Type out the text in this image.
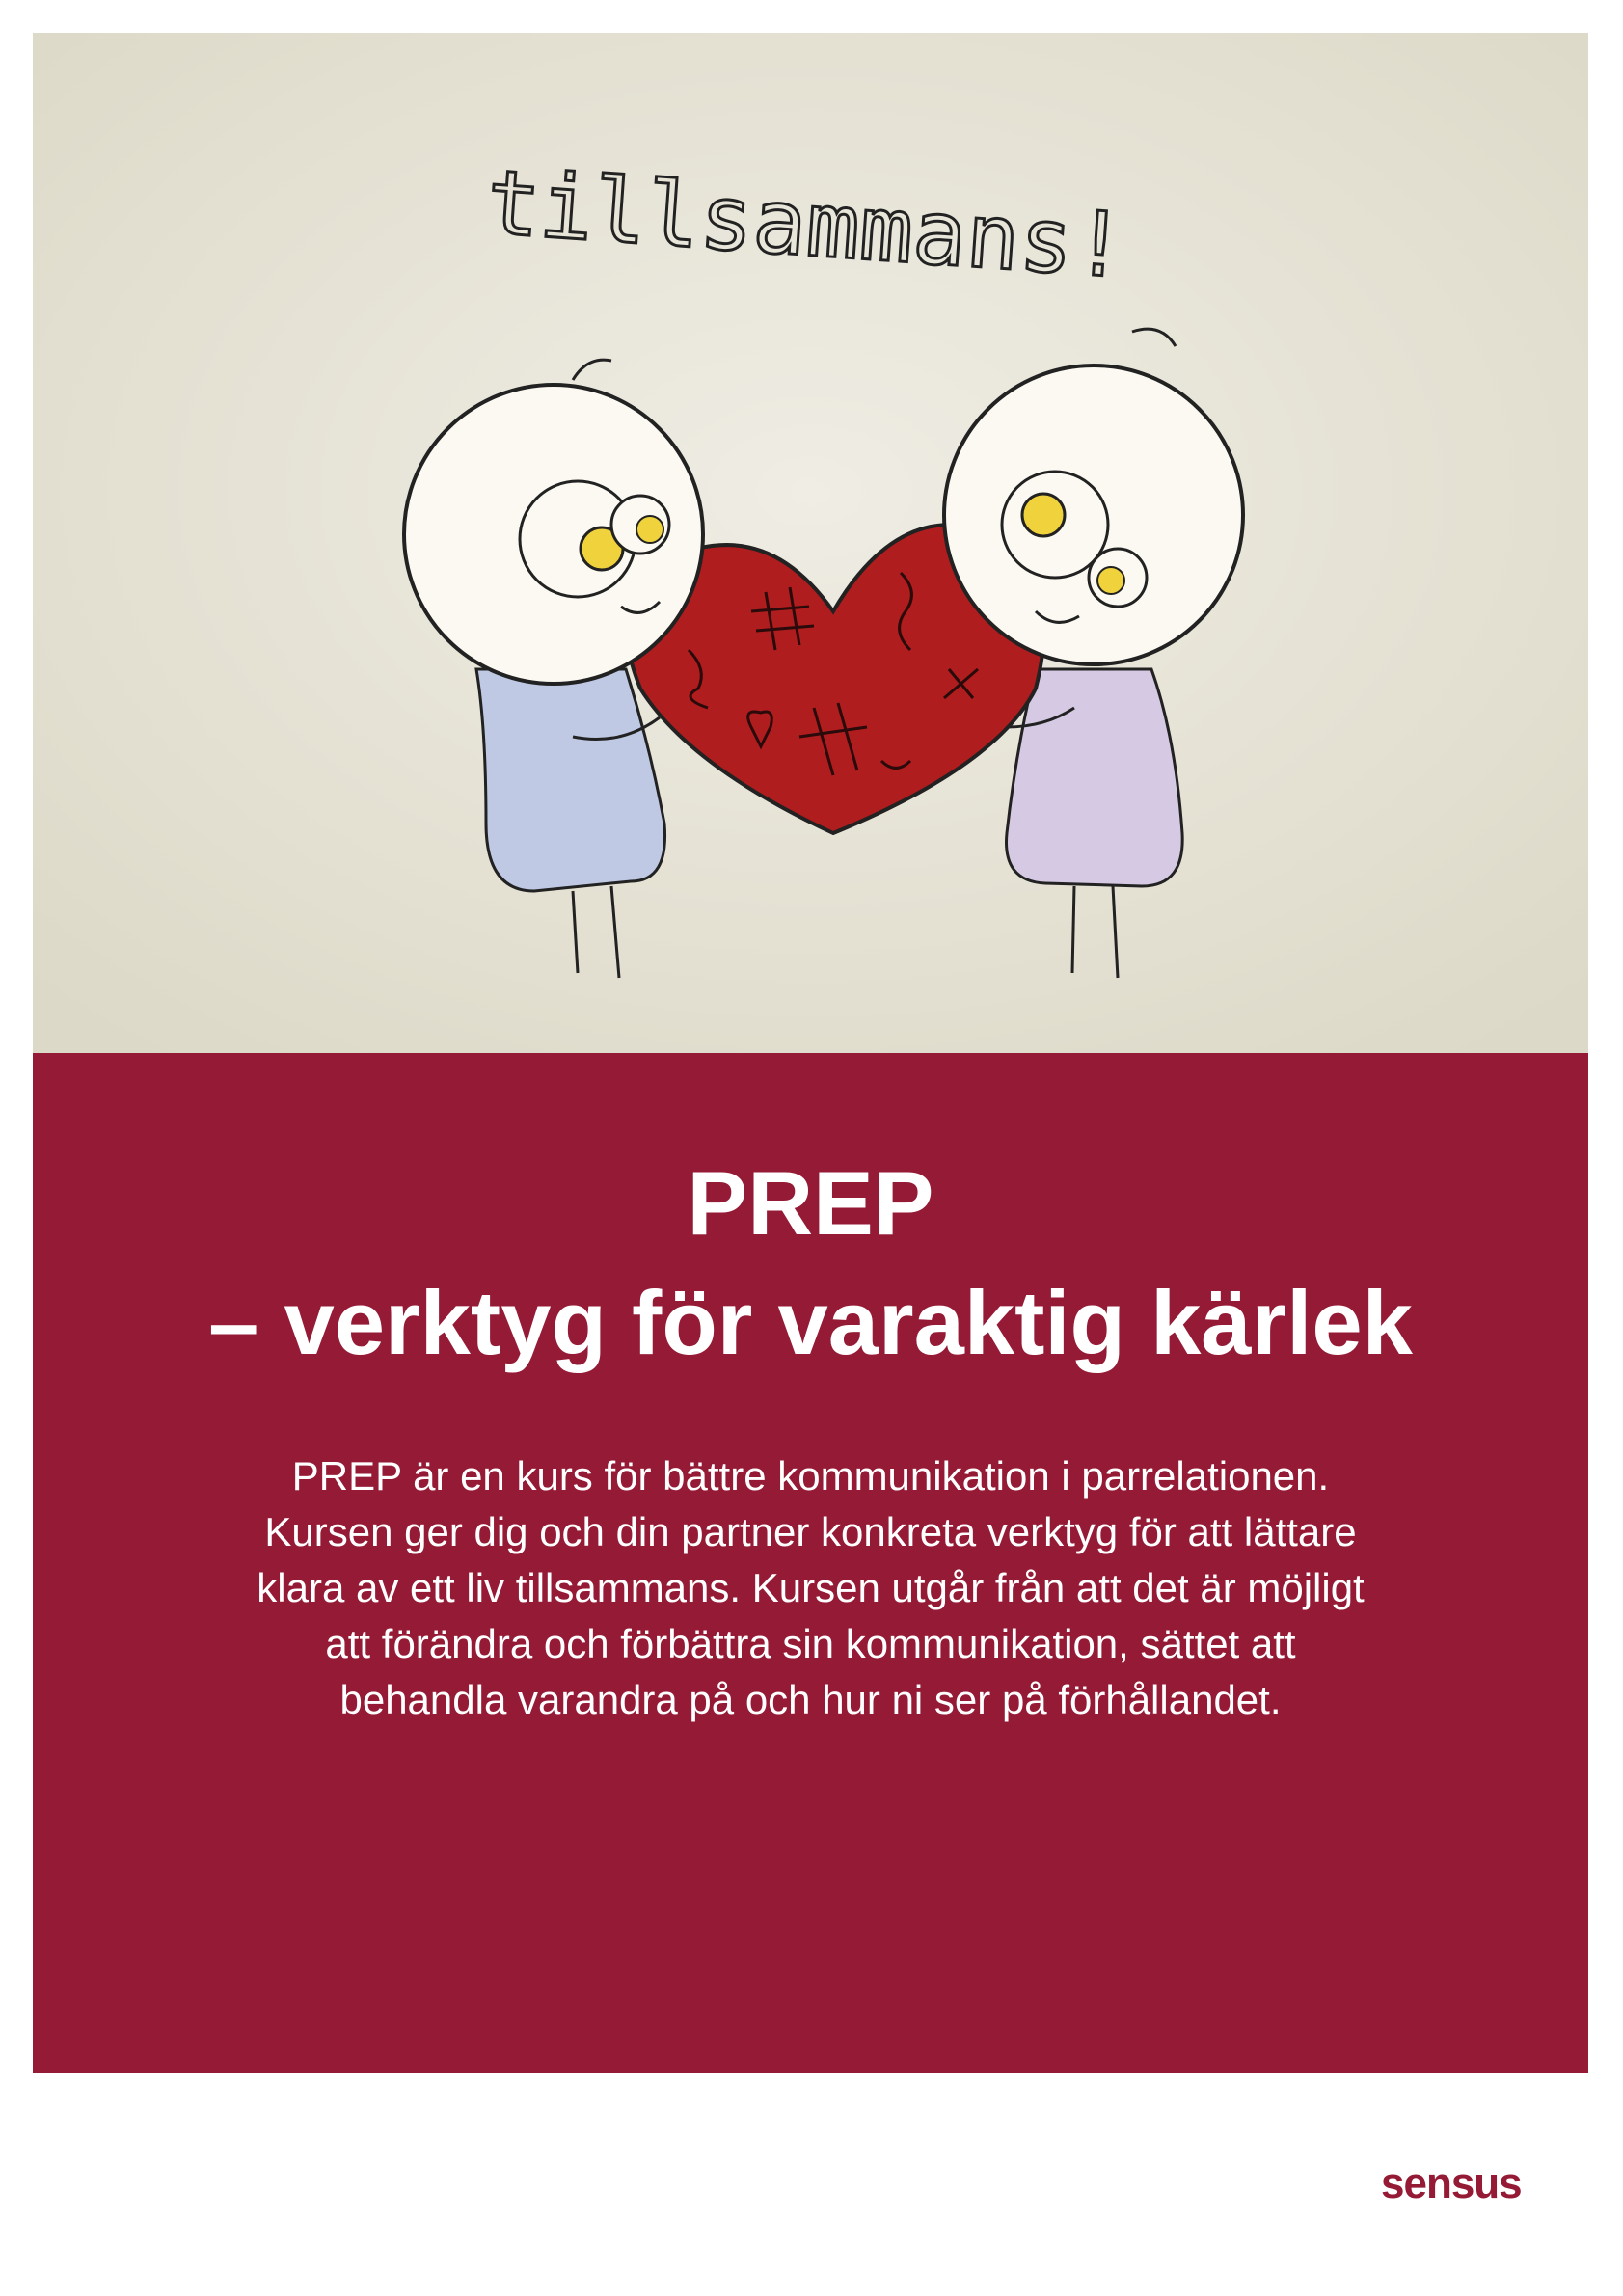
tillsammans!
PREP
– verktyg för varaktig kärlek

PREP är en kurs för bättre kommunikation i parrelationen.
Kursen ger dig och din partner konkreta verktyg för att lättare
klara av ett liv tillsammans. Kursen utgår från att det är möjligt
att förändra och förbättra sin kommunikation, sättet att
behandla varandra på och hur ni ser på förhållandet.

sensus
